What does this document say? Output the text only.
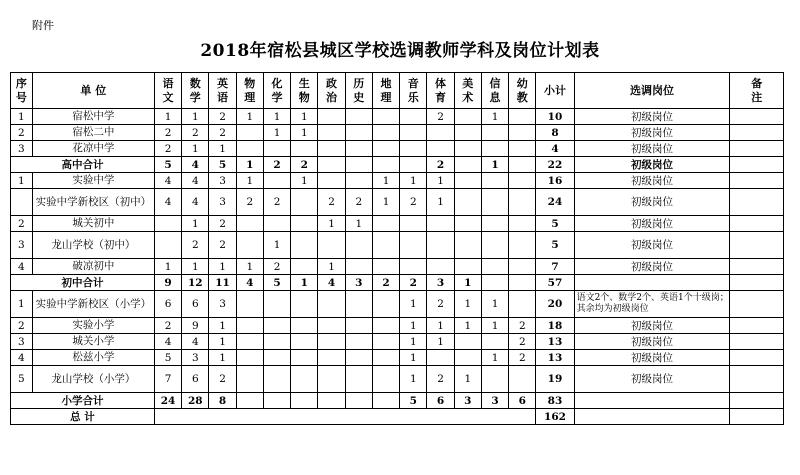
附件
2018年宿松县城区学校选调教师学科及岗位计划表
序号	单 位	语文	数学	英语	物理	化学	生物	政治	历史	地理	音乐	体育	美术	信息	幼教	小计	选调岗位	备注
1	宿松中学	1	1	2	1	1	1					2		1		10	初级岗位	
2	宿松二中	2	2	2		1	1									8	初级岗位	
3	花凉中学	2	1	1												4	初级岗位	
高中合计		5	4	5	1	2	2					2		1		22	初级岗位	
1	实验中学	4	4	3	1		1			1	1	1				16	初级岗位	
	实验中学新校区（初中）	4	4	3	2	2		2	2	1	2	1				24	初级岗位	
2	城关初中		1	2				1	1							5	初级岗位	
3	龙山学校（初中）		2	2		1										5	初级岗位	
4	破凉初中	1	1	1	1	2		1								7	初级岗位	
初中合计		9	12	11	4	5	1	4	3	2	2	3	1			57		
1	实验中学新校区（小学）	6	6	3							1	2	1	1		20	语文2个、数学2个、英语1个十级岗；其余均为初级岗位	
2	实验小学	2	9	1							1	1	1	1	2	18	初级岗位	
3	城关小学	4	4	1							1	1			2	13	初级岗位	
4	松兹小学	5	3	1							1			1	2	13	初级岗位	
5	龙山学校（小学）	7	6	2							1	2	1			19	初级岗位	
小学合计		24	28	8							5	6	3	3	6	83		
总 计																162		
